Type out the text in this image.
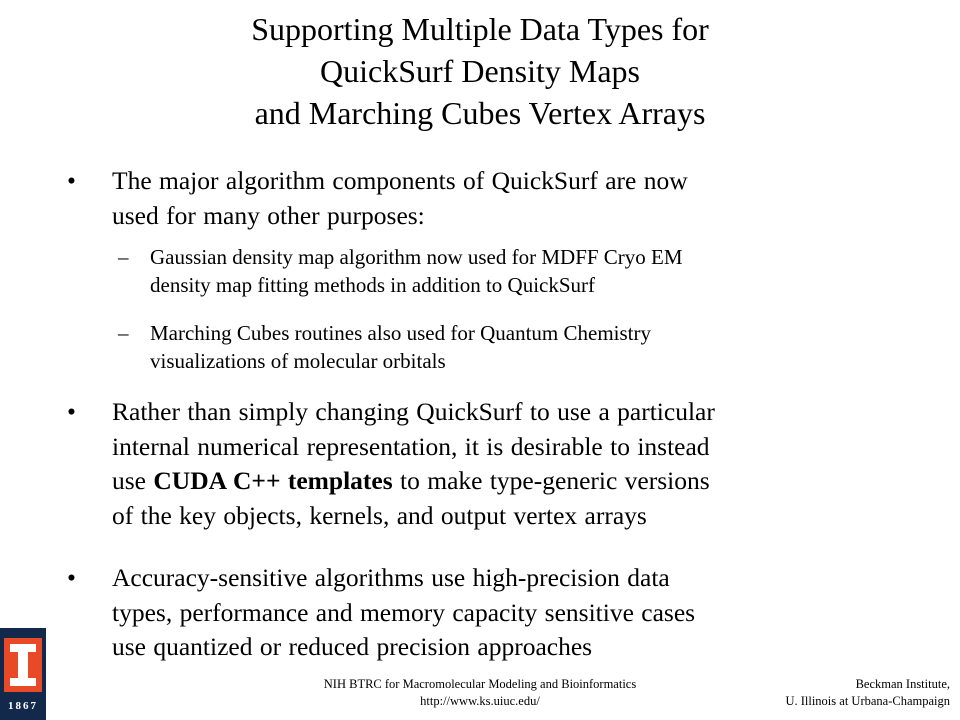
Supporting Multiple Data Types for
QuickSurf Density Maps
and Marching Cubes Vertex Arrays
• The major algorithm components of QuickSurf are now
used for many other purposes:
– Gaussian density map algorithm now used for MDFF Cryo EM
density map fitting methods in addition to QuickSurf
– Marching Cubes routines also used for Quantum Chemistry
visualizations of molecular orbitals
• Rather than simply changing QuickSurf to use a particular
internal numerical representation, it is desirable to instead
use CUDA C++ templates to make type-generic versions
of the key objects, kernels, and output vertex arrays
• Accuracy-sensitive algorithms use high-precision data
types, performance and memory capacity sensitive cases
use quantized or reduced precision approaches
1867
NIH BTRC for Macromolecular Modeling and Bioinformatics
http://www.ks.uiuc.edu/
Beckman Institute,
U. Illinois at Urbana-Champaign
